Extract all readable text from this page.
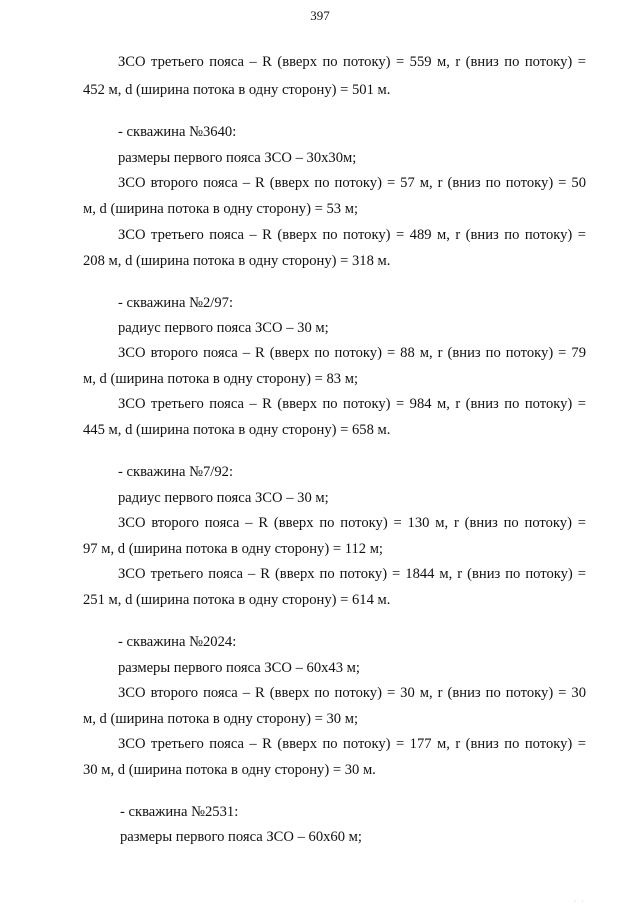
397
ЗСО третьего пояса – R (вверх по потоку) = 559 м, r (вниз по потоку) =
452 м, d (ширина потока в одну сторону) = 501 м.
- скважина №3640:
размеры первого пояса ЗСО – 30х30м;
ЗСО второго пояса – R (вверх по потоку) = 57 м, r (вниз по потоку) = 50
м, d (ширина потока в одну сторону) = 53 м;
ЗСО третьего пояса – R (вверх по потоку) = 489 м, r (вниз по потоку) =
208 м, d (ширина потока в одну сторону) = 318 м.
- скважина №2/97:
радиус первого пояса ЗСО – 30 м;
ЗСО второго пояса – R (вверх по потоку) = 88 м, r (вниз по потоку) = 79
м, d (ширина потока в одну сторону) = 83 м;
ЗСО третьего пояса – R (вверх по потоку) = 984 м, r (вниз по потоку) =
445 м, d (ширина потока в одну сторону) = 658 м.
- скважина №7/92:
радиус первого пояса ЗСО – 30 м;
ЗСО второго пояса – R (вверх по потоку) = 130 м, r (вниз по потоку) =
97 м, d (ширина потока в одну сторону) = 112 м;
ЗСО третьего пояса – R (вверх по потоку) = 1844 м, r (вниз по потоку) =
251 м, d (ширина потока в одну сторону) = 614 м.
- скважина №2024:
размеры первого пояса ЗСО – 60х43 м;
ЗСО второго пояса – R (вверх по потоку) = 30 м, r (вниз по потоку) = 30
м, d (ширина потока в одну сторону) = 30 м;
ЗСО третьего пояса – R (вверх по потоку) = 177 м, r (вниз по потоку) =
30 м, d (ширина потока в одну сторону) = 30 м.
- скважина №2531:
размеры первого пояса ЗСО – 60х60 м;
· ·
